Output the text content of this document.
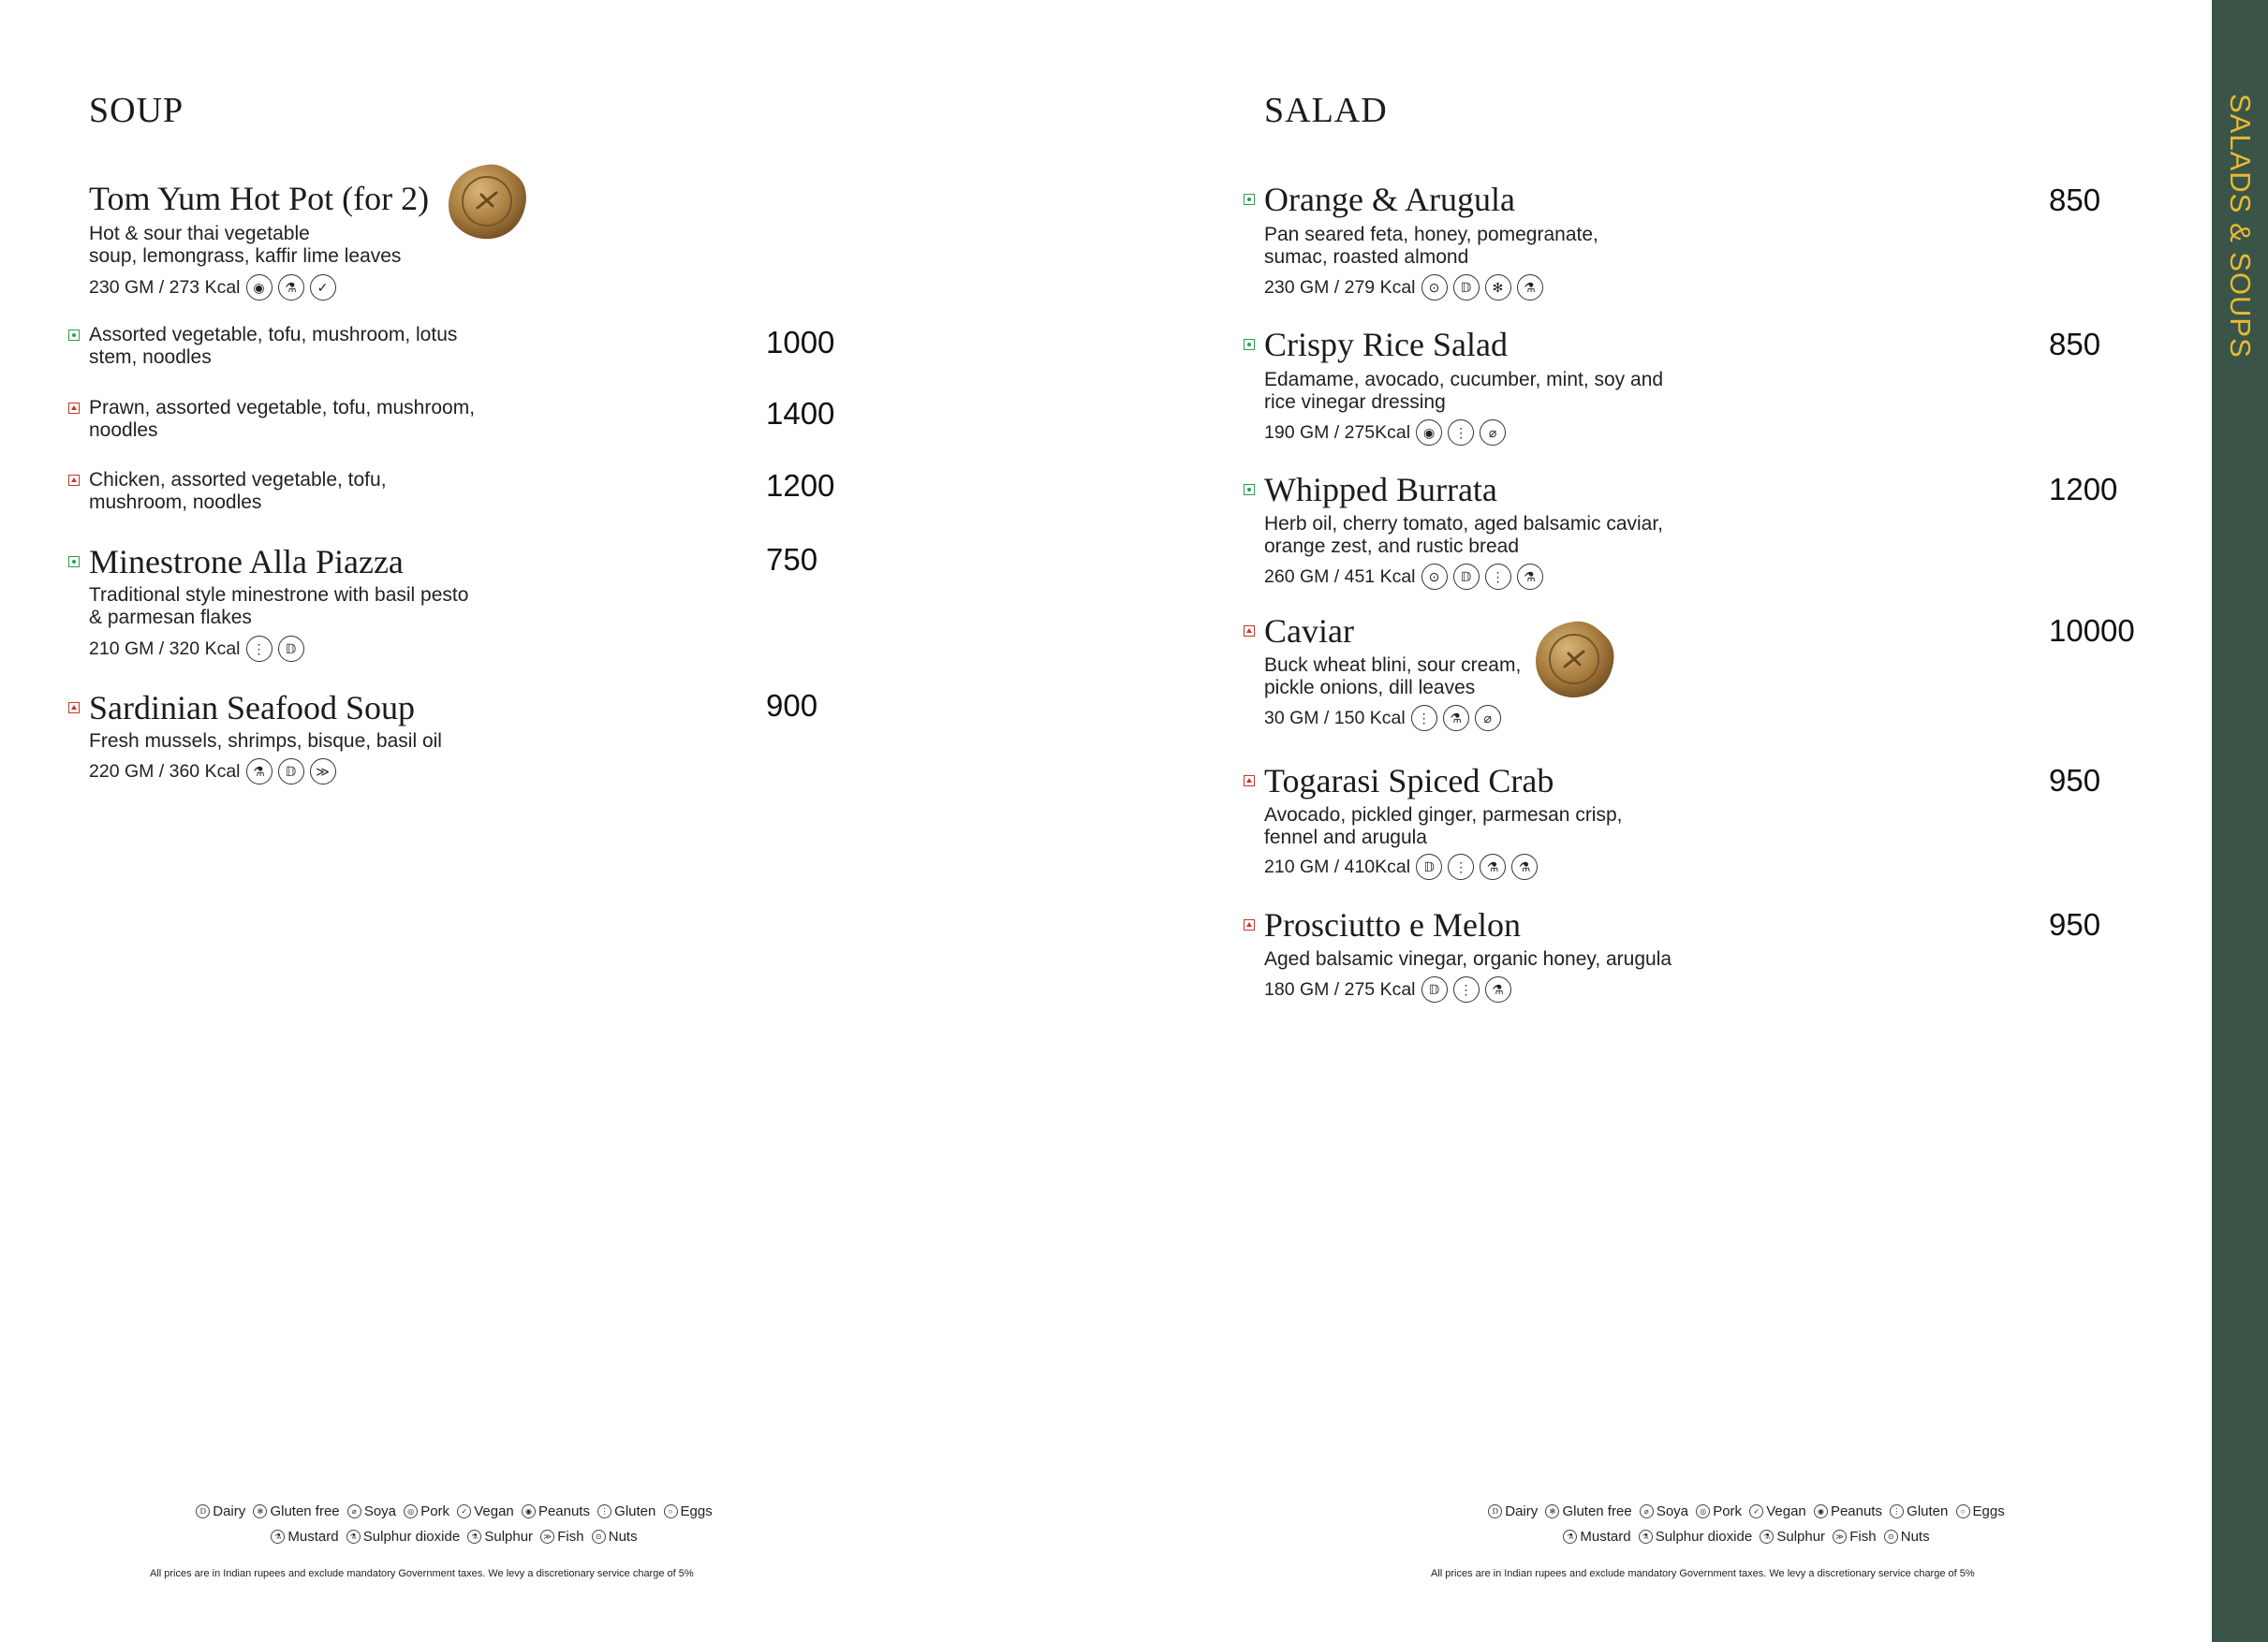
SOUP
Tom Yum Hot Pot (for 2)
Hot & sour thai vegetable
soup, lemongrass, kaffir lime leaves
230 GM / 273 Kcal ◉	⚗	✓
Assorted vegetable, tofu, mushroom, lotus
stem, noodles	1000
Prawn, assorted vegetable, tofu, mushroom,
noodles	1400
Chicken, assorted vegetable, tofu,
mushroom, noodles	1200
Minestrone Alla Piazza	750
Traditional style minestrone with basil pesto
& parmesan flakes
210 GM / 320 Kcal ⋮	𝔻
Sardinian Seafood Soup	900
Fresh mussels, shrimps, bisque, basil oil
220 GM / 360 Kcal ⚗	𝔻	≫
𝔻 Dairy
	✻ Gluten free
	⌀ Soya
	◎ Pork
	✓ Vegan
	◉ Peanuts
	⋮ Gluten
	○ Eggs
⚗ Mustard
	⚗ Sulphur dioxide
	⚗ Sulphur
	≫ Fish
	⊙ Nuts
All prices are in Indian rupees and exclude mandatory Government taxes. We levy a discretionary service charge of 5%
SALAD
Orange & Arugula	850
Pan seared feta, honey, pomegranate,
sumac, roasted almond
230 GM / 279 Kcal	⊙	𝔻	✻	⚗
Crispy Rice Salad	850
Edamame, avocado, cucumber, mint, soy and
rice vinegar dressing
190 GM / 275Kcal ◉	⋮	⌀
Whipped Burrata	1200
Herb oil, cherry tomato, aged balsamic caviar,
orange zest, and rustic bread
260 GM / 451 Kcal	⊙	𝔻	⋮	⚗
Caviar	10000
Buck wheat blini, sour cream,
pickle onions, dill leaves
30 GM / 150 Kcal ⋮	⚗	⌀
Togarasi Spiced Crab	950
Avocado, pickled ginger, parmesan crisp,
fennel and arugula
210 GM / 410Kcal	𝔻	⋮	⚗	⚗
Prosciutto e Melon	950
Aged balsamic vinegar, organic honey, arugula
180 GM / 275 Kcal	𝔻	⋮	⚗
𝔻 Dairy
	✻ Gluten free
	⌀ Soya
	◎ Pork
	✓ Vegan
	◉ Peanuts
	⋮ Gluten
	○ Eggs
⚗ Mustard
	⚗ Sulphur dioxide
	⚗ Sulphur
	≫ Fish
	⊙ Nuts
All prices are in Indian rupees and exclude mandatory Government taxes. We levy a discretionary service charge of 5%
SALADS & SOUPS
